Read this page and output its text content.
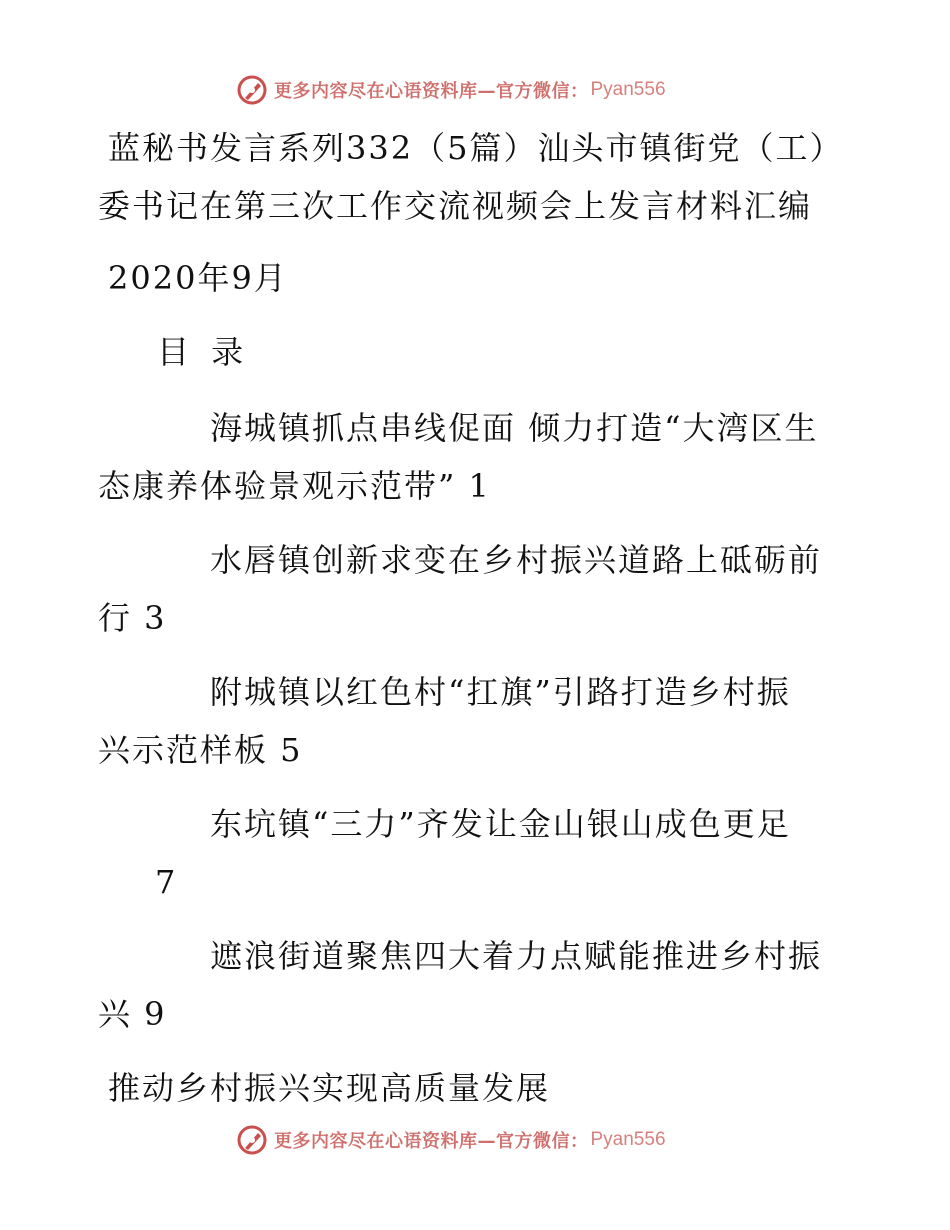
更多内容尽在心语资料库—官方微信： Pyan556
蓝秘书发言系列332（5篇）汕头市镇街党（工）
委书记在第三次工作交流视频会上发言材料汇编
2020年9月
目 录
海城镇抓点串线促面 倾力打造“大湾区生
态康养体验景观示范带” 1
水唇镇创新求变在乡村振兴道路上砥砺前
行 3
附城镇以红色村“扛旗”引路打造乡村振
兴示范样板 5
东坑镇“三力”齐发让金山银山成色更足
7
遮浪街道聚焦四大着力点赋能推进乡村振
兴 9
推动乡村振兴实现高质量发展
更多内容尽在心语资料库—官方微信： Pyan556
